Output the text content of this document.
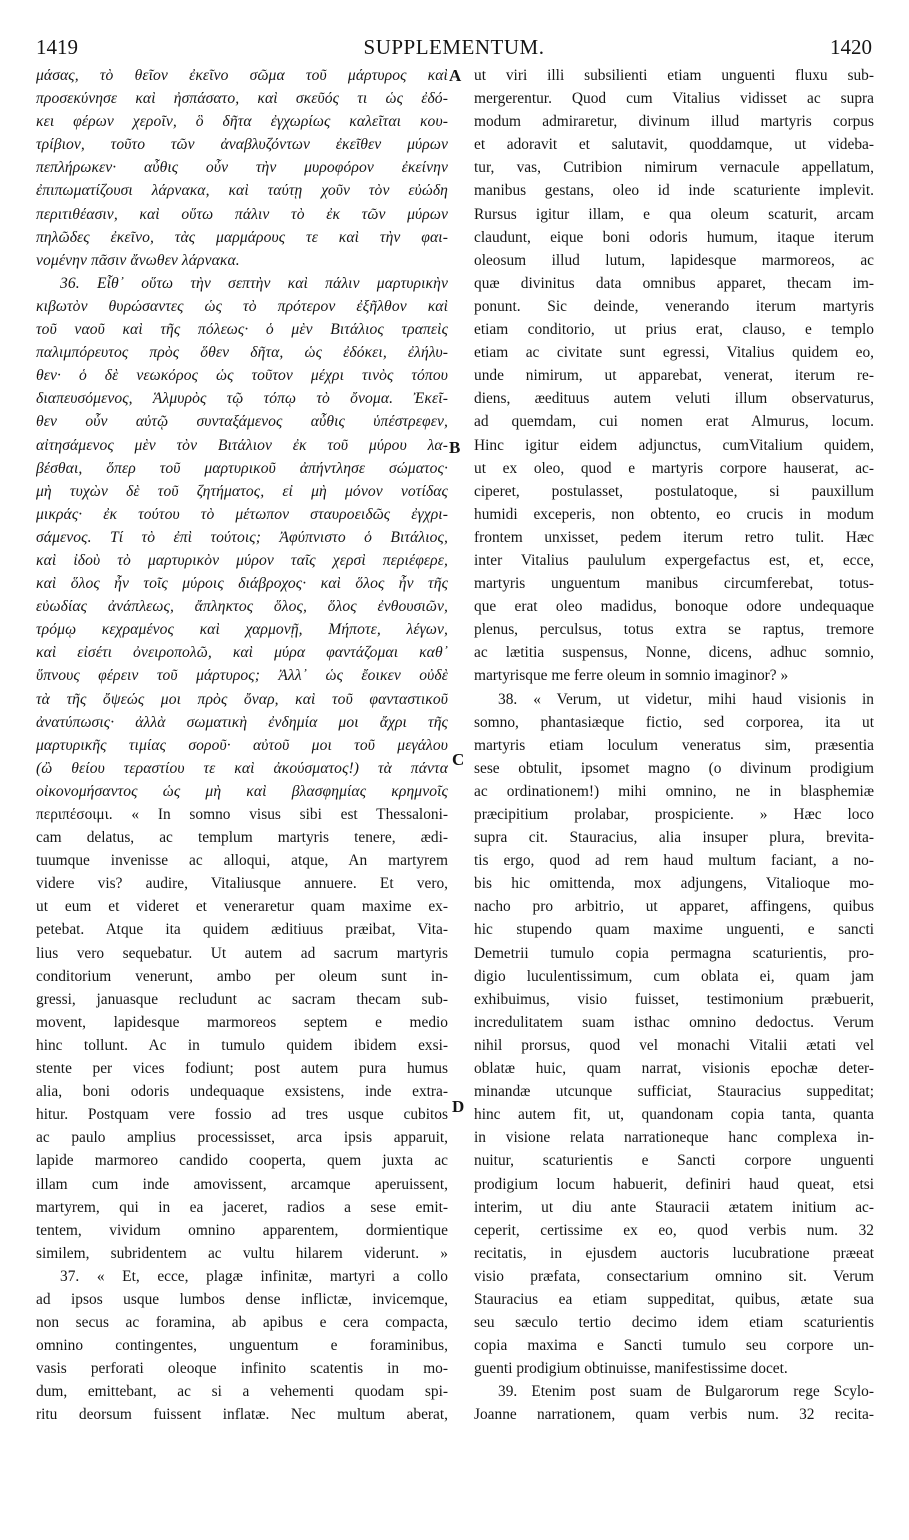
1419	SUPPLEMENTUM.	1420
μάσας, τὸ θεῖον ἐκεῖνο σῶμα τοῦ μάρτυρος καὶ
προσεκύνησε καὶ ἠσπάσατο, καὶ σκεῦός τι ὡς ἐδό-
κει φέρων χεροῖν, ὃ δῆτα ἐγχωρίως καλεῖται κου-
τρίβιον, τοῦτο τῶν ἀναβλυζόντων ἐκεῖθεν μύρων
πεπλήρωκεν· αὖθις οὖν τὴν μυροφόρον ἐκείνην
ἐπιπωματίζουσι λάρνακα, καὶ ταύτῃ χοῦν τὸν εὐώδη
περιτιθέασιν, καὶ οὕτω πάλιν τὸ ἐκ τῶν μύρων
πηλῶδες ἐκεῖνο, τὰς μαρμάρους τε καὶ τὴν φαι-
νομένην πᾶσιν ἄνωθεν λάρνακα.
36. Εἶθ᾽ οὕτω τὴν σεπτὴν καὶ πάλιν μαρτυρικὴν
κιβωτὸν θυρώσαντες ὡς τὸ πρότερον ἐξῆλθον καὶ
τοῦ ναοῦ καὶ τῆς πόλεως· ὁ μὲν Βιτάλιος τραπεὶς
παλιμπόρευτος πρὸς ὅθεν δῆτα, ὡς ἐδόκει, ἐλήλυ-
θεν· ὁ δὲ νεωκόρος ὡς τοῦτον μέχρι τινὸς τόπου
διαπευσόμενος, Ἁλμυρὸς τῷ τόπῳ τὸ ὄνομα. Ἐκεῖ-
θεν οὖν αὐτῷ συνταξάμενος αὖθις ὑπέστρεφεν,
αἰτησάμενος μὲν τὸν Βιτάλιον ἐκ τοῦ μύρου λα-
βέσθαι, ὅπερ τοῦ μαρτυρικοῦ ἀπήντλησε σώματος·
μὴ τυχὼν δὲ τοῦ ζητήματος, εἰ μὴ μόνον νοτίδας
μικράς· ἐκ τούτου τὸ μέτωπον σταυροειδῶς ἐγχρι-
σάμενος. Τί τὸ ἐπὶ τούτοις; Ἀφύπνιστο ὁ Βιτάλιος,
καὶ ἰδοὺ τὸ μαρτυρικὸν μύρον ταῖς χερσὶ περιέφερε,
καὶ ὅλος ἦν τοῖς μύροις διάβροχος· καὶ ὅλος ἦν τῆς
εὐωδίας ἀνάπλεως, ἄπληκτος ὅλος, ὅλος ἐνθουσιῶν,
τρόμῳ κεχραμένος καὶ χαρμονῇ, Μήποτε, λέγων,
καὶ εἰσέτι ὀνειροπολῶ, καὶ μύρα φαντάζομαι καθ᾽
ὕπνους φέρειν τοῦ μάρτυρος; Ἀλλ᾽ ὡς ἔοικεν οὐδὲ
τὰ τῆς ὄψεώς μοι πρὸς ὄναρ, καὶ τοῦ φανταστικοῦ
ἀνατύπωσις· ἀλλὰ σωματικὴ ἐνδημία μοι ἄχρι τῆς
μαρτυρικῆς τιμίας σοροῦ· αὐτοῦ μοι τοῦ μεγάλου
(ὢ θείου τεραστίου τε καὶ ἀκούσματος!) τὰ πάντα
οἰκονομήσαντος ὡς μὴ καὶ βλασφημίας κρημνοῖς
περιπέσοιμι. « In somno visus sibi est Thessaloni-
cam delatus, ac templum martyris tenere, ædi-
tuumque invenisse ac alloqui, atque, An martyrem
videre vis? audire, Vitaliusque annuere. Et vero,
ut eum et videret et veneraretur quam maxime ex-
petebat. Atque ita quidem æditiuus præibat, Vita-
lius vero sequebatur. Ut autem ad sacrum martyris
conditorium venerunt, ambo per oleum sunt in-
gressi, januasque recludunt ac sacram thecam sub-
movent, lapidesque marmoreos septem e medio
hinc tollunt. Ac in tumulo quidem ibidem exsi-
stente per vices fodiunt; post autem pura humus
alia, boni odoris undequaque exsistens, inde extra-
hitur. Postquam vere fossio ad tres usque cubitos
ac paulo amplius processisset, arca ipsis apparuit,
lapide marmoreo candido cooperta, quem juxta ac
illam cum inde amovissent, arcamque aperuissent,
martyrem, qui in ea jaceret, radios a sese emit-
tentem, vividum omnino apparentem, dormientique
similem, subridentem ac vultu hilarem viderunt. »
37. « Et, ecce, plagæ infinitæ, martyri a collo
ad ipsos usque lumbos dense inflictæ, invicemque,
non secus ac foramina, ab apibus e cera compacta,
omnino contingentes, unguentum e foraminibus,
vasis perforati oleoque infinito scatentis in mo-
dum, emittebant, ac si a vehementi quodam spi-
ritu deorsum fuissent inflatæ. Nec multum aberat,
A
B
C
D
ut viri illi subsilienti etiam unguenti fluxu sub-
mergerentur. Quod cum Vitalius vidisset ac supra
modum admiraretur, divinum illud martyris corpus
et adoravit et salutavit, quoddamque, ut videba-
tur, vas, Cutribion nimirum vernaculе appellatum,
manibus gestans, oleo id inde scaturiente implevit.
Rursus igitur illam, e qua oleum scaturit, arcam
claudunt, eique boni odoris humum, itaque iterum
oleosum illud lutum, lapidesque marmoreos, ac
quæ divinitus data omnibus apparet, thecam im-
ponunt. Sic deinde, venerando iterum martyris
etiam conditorio, ut prius erat, clauso, e templo
etiam ac civitate sunt egressi, Vitalius quidem eo,
unde nimirum, ut apparebat, venerat, iterum re-
diens, æedituus autem veluti illum observaturus,
ad quemdam, cui nomen erat Almurus, locum.
Hinc igitur eidem adjunctus, cumVitalium quidem,
ut ex oleo, quod e martyris corpore hauserat, ac-
ciperet, postulasset, postulatoque, si pauxillum
humidi exceperis, non obtento, eo crucis in modum
frontem unxisset, pedem iterum retro tulit. Hæc
inter Vitalius paululum expergefactus est, et, ecce,
martyris unguentum manibus circumferebat, totus-
que erat oleo madidus, bonoque odore undequaque
plenus, perculsus, totus extra se raptus, tremore
ac lætitia suspensus, Nonne, dicens, adhuc somnio,
martyrisque me ferre oleum in somnio imaginor? »
38. « Verum, ut videtur, mihi haud visionis in
somno, phantasiæque fictio, sed corporea, ita ut
martyris etiam loculum veneratus sim, præsentia
sese obtulit, ipsomet magno (o divinum prodigium
ac ordinationem!) mihi omnino, ne in blasphemiæ
præcipitium prolabar, prospiciente. » Hæc loco
supra cit. Stauracius, alia insuper plura, brevita-
tis ergo, quod ad rem haud multum faciant, a no-
bis hic omittenda, mox adjungens, Vitalioque mo-
nacho pro arbitrio, ut apparet, affingens, quibus
hic stupendo quam maxime unguenti, e sancti
Demetrii tumulo copia permagna scaturientis, pro-
digio luculentissimum, cum oblata ei, quam jam
exhibuimus, visio fuisset, testimonium præbuerit,
incredulitatem suam isthac omnino dedoctus. Verum
nihil prorsus, quod vel monachi Vitalii ætati vel
oblatæ huic, quam narrat, visionis epochæ deter-
minandæ utcunque sufficiat, Stauracius suppeditat;
hinc autem fit, ut, quandonam copia tanta, quanta
in visione relata narrationeque hanc complexa in-
nuitur, scaturientis e Sancti corpore unguenti
prodigium locum habuerit, definiri haud queat, etsi
interim, ut diu ante Stauracii ætatem initium ac-
ceperit, certissime ex eo, quod verbis num. 32
recitatis, in ejusdem auctoris lucubratione præeat
visio præfata, consectarium omnino sit. Verum
Stauracius ea etiam suppeditat, quibus, ætate sua
seu sæculo tertio decimo idem etiam scaturientis
copia maxima e Sancti tumulo seu corpore un-
guenti prodigium obtinuisse, manifestissime docet.
39. Etenim post suam de Bulgarorum rege Scylo-
Joanne narrationem, quam verbis num. 32 recita-
